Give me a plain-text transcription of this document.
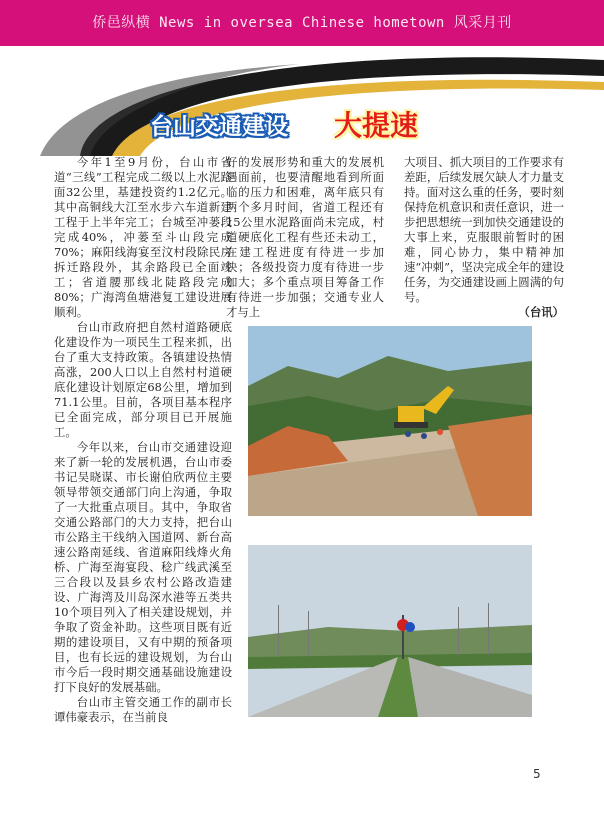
侨邑纵横 News in oversea Chinese hometown 风采月刊
台山交通建设 大提速

今年1至9月份，台山市省道“三线”工程完成二级以上水泥路面32公里，基建投资约1.2亿元。其中高铜线大江至水步六车道新建工程于上半年完工；台城至冲蒌段完成40%，冲蒌至斗山段完成70%；麻阳线海宴至汶村段除民房拆迁路段外，其余路段已全面竣工；省道腰那线北陡路段完成80%；广海湾鱼塘港复工建设进展顺利。

台山市政府把自然村道路硬底化建设作为一项民生工程来抓，出台了重大支持政策。各镇建设热情高涨，200人口以上自然村村道硬底化建设计划原定68公里，增加到71.1公里。目前，各项目基本程序已全面完成，部分项目已开展施工。

今年以来，台山市交通建设迎来了新一轮的发展机遇，台山市委书记吴晓谋、市长谢伯欣两位主要领导带领交通部门向上沟通，争取了一大批重点项目。其中，争取省交通公路部门的大力支持，把台山市公路主干线纳入国道网、新台高速公路南延线、省道麻阳线烽火角桥、广海至海宴段、稔广线武溪至三合段以及县乡农村公路改造建设、广海湾及川岛深水港等五类共10个项目列入了相关建设规划，并争取了资金补助。这些项目既有近期的建设项目，又有中期的预备项目，也有长远的建设规划，为台山市今后一段时期交通基础设施建设打下良好的发展基础。

台山市主管交通工作的副市长谭伟豪表示，在当前良

好的发展形势和重大的发展机遇面前，也要清醒地看到所面临的压力和困难，离年底只有两个多月时间，省道工程还有15公里水泥路面尚未完成，村道硬底化工程有些还未动工，在建工程进度有待进一步加快；各级投资力度有待进一步加大；多个重点项目筹备工作有待进一步加强；交通专业人才与上
大项目、抓大项目的工作要求有差距，后续发展欠缺人才力量支持。面对这么重的任务，要时刻保持危机意识和责任意识，进一步把思想统一到加快交通建设的大事上来，克服眼前暂时的困难，同心协力，集中精神加速“冲刺”，坚决完成全年的建设任务，为交通建设画上圆满的句号。
（台讯）
5
